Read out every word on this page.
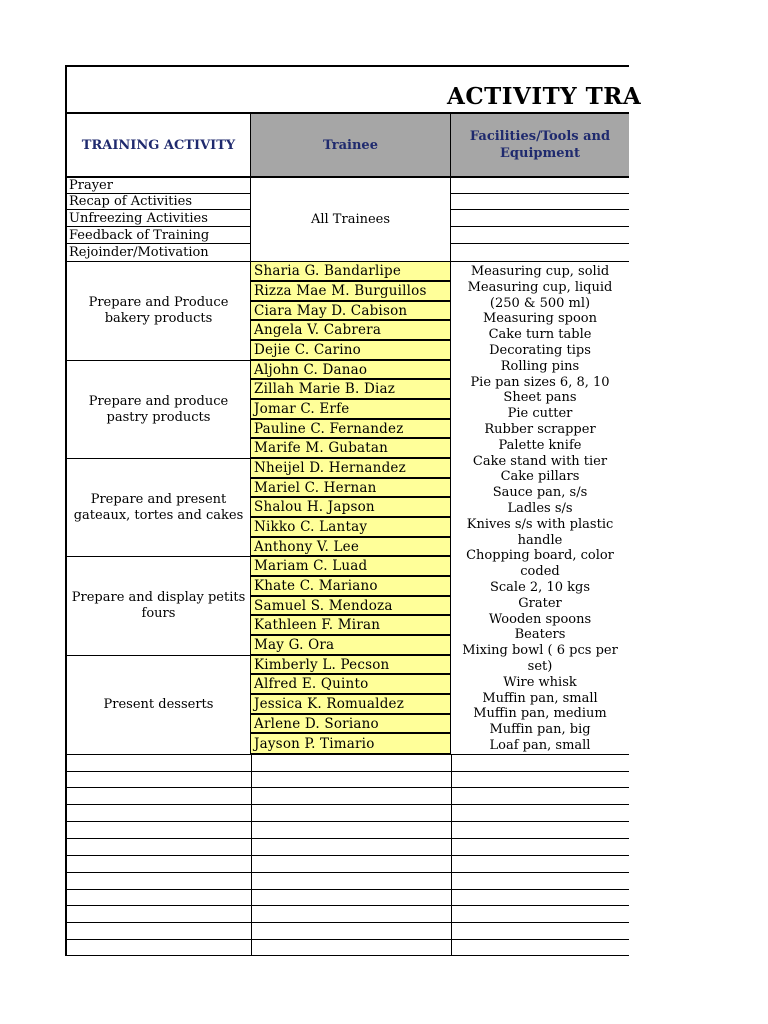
ACTIVITY TRA
TRAINING ACTIVITY	Trainee
Facilities/Tools and Equipment
Prayer
Recap of Activities
Unfreezing Activities
Feedback of Training
Rejoinder/Motivation
All Trainees
Prepare and Produce bakery products
Prepare and produce pastry products
Prepare and present gateaux, tortes and cakes
Prepare and display petits fours
Present desserts
Sharia G. Bandarlipe
Rizza Mae M. Burguillos
Ciara May D. Cabison
Angela V. Cabrera
Dejie C. Carino
Aljohn C. Danao
Zillah Marie B. Diaz
Jomar C. Erfe
Pauline C. Fernandez
Marife M. Gubatan
Nheijel D. Hernandez
Mariel C. Hernan
Shalou H. Japson
Nikko C. Lantay
Anthony V. Lee
Mariam C. Luad
Khate C. Mariano
Samuel S. Mendoza
Kathleen F. Miran
May G. Ora
Kimberly L. Pecson
Alfred E. Quinto
Jessica K. Romualdez
Arlene D. Soriano
Jayson P. Timario
Measuring cup, solid
Measuring cup, liquid (250 & 500 ml)
Measuring spoon
Cake turn table
Decorating tips
Rolling pins
Pie pan sizes 6, 8, 10
Sheet pans
Pie cutter
Rubber scrapper
Palette knife
Cake stand with tier
Cake pillars
Sauce pan, s/s
Ladles s/s
Knives s/s with plastic handle
Chopping board, color coded
Scale 2, 10 kgs
Grater
Wooden spoons
Beaters
Mixing bowl ( 6 pcs per set)
Wire whisk
Muffin pan, small
Muffin pan, medium
Muffin pan, big
Loaf pan, small
